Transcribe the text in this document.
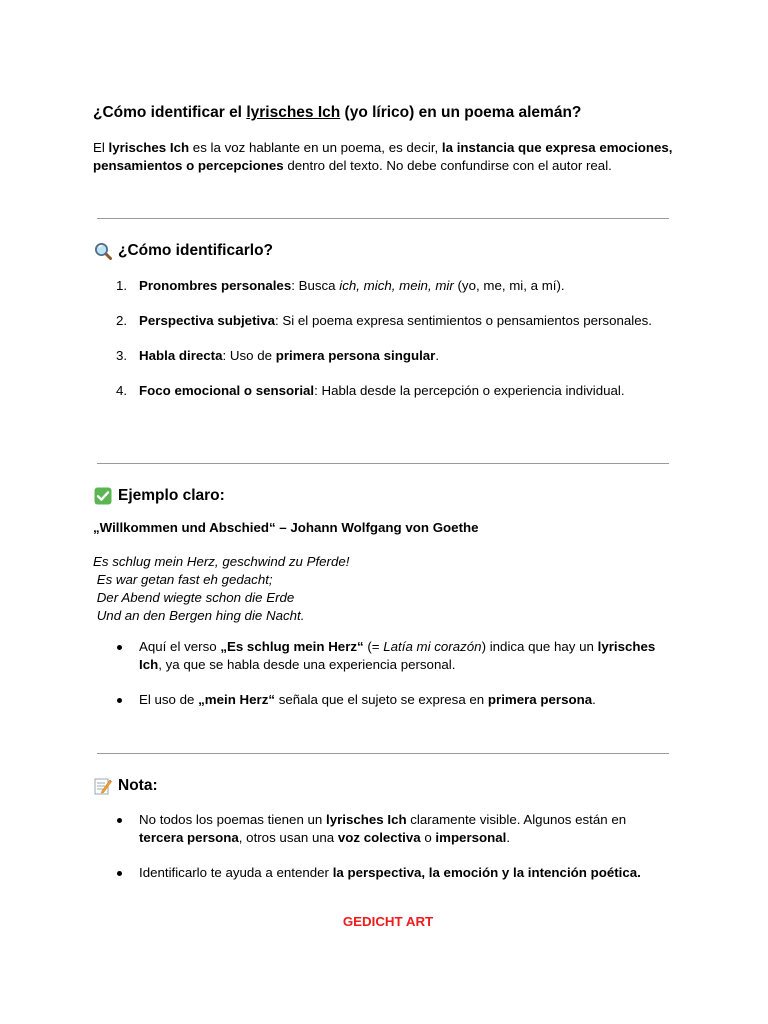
¿Cómo identificar el lyrisches Ich (yo lírico) en un poema alemán?
El lyrisches Ich es la voz hablante en un poema, es decir, la instancia que expresa emociones, pensamientos o percepciones dentro del texto. No debe confundirse con el autor real.
¿Cómo identificarlo?
1. Pronombres personales: Busca ich, mich, mein, mir (yo, me, mi, a mí).
2. Perspectiva subjetiva: Si el poema expresa sentimientos o pensamientos personales.
3. Habla directa: Uso de primera persona singular.
4. Foco emocional o sensorial: Habla desde la percepción o experiencia individual.
Ejemplo claro:
„Willkommen und Abschied“ – Johann Wolfgang von Goethe
Es schlug mein Herz, geschwind zu Pferde!
Es war getan fast eh gedacht;
Der Abend wiegte schon die Erde
Und an den Bergen hing die Nacht.
Aquí el verso „Es schlug mein Herz“ (= Latía mi corazón) indica que hay un lyrisches Ich, ya que se habla desde una experiencia personal.
El uso de „mein Herz“ señala que el sujeto se expresa en primera persona.
Nota:
No todos los poemas tienen un lyrisches Ich claramente visible. Algunos están en tercera persona, otros usan una voz colectiva o impersonal.
Identificarlo te ayuda a entender la perspectiva, la emoción y la intención poética.
GEDICHT ART
